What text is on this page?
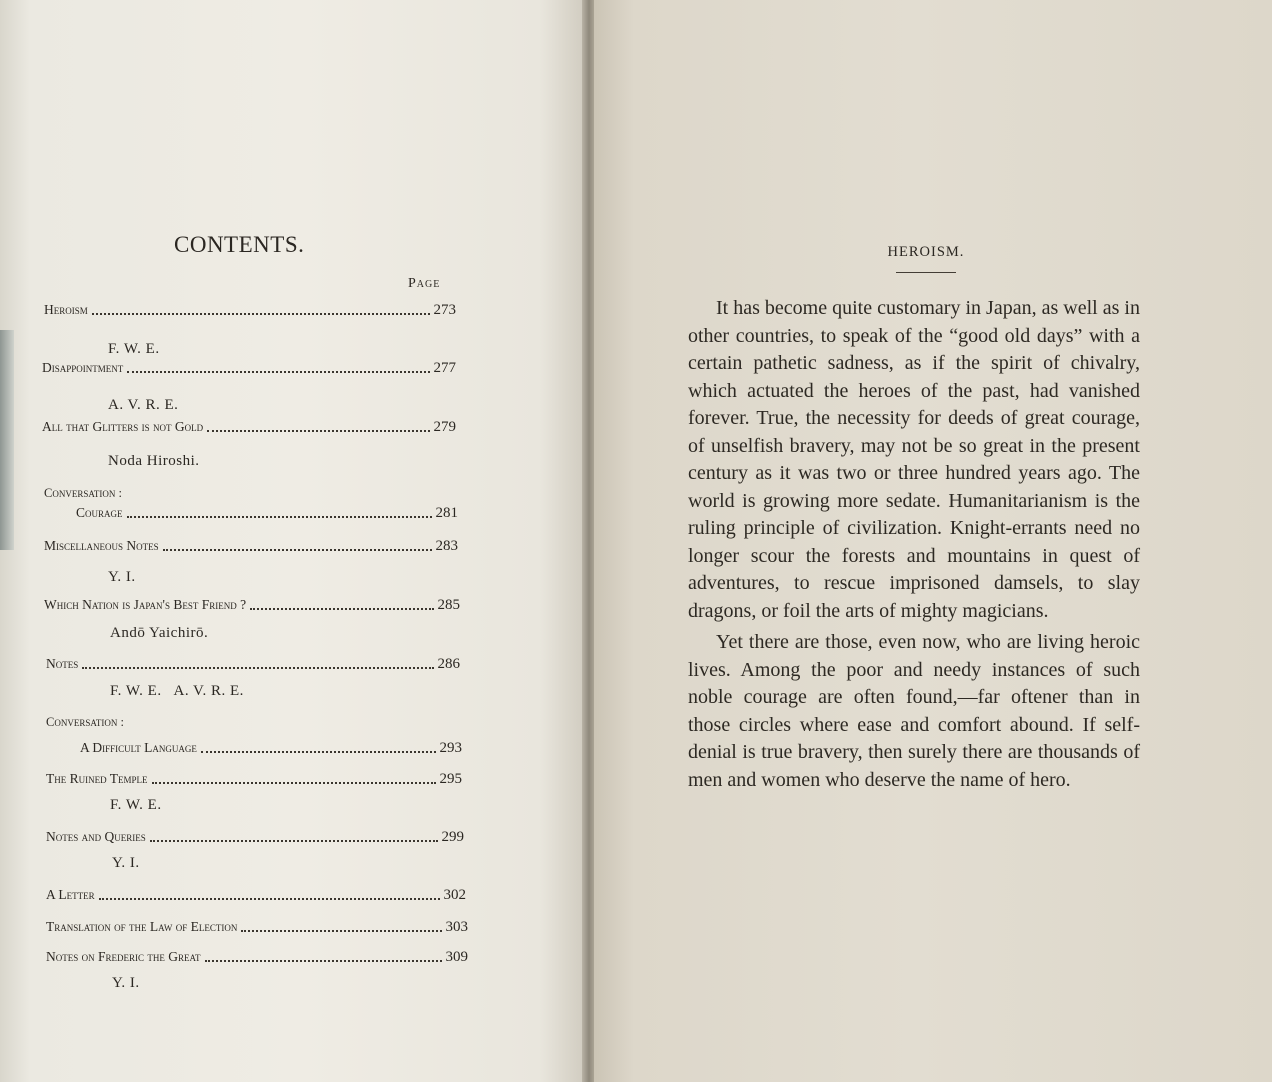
CONTENTS.
Page
Heroism	273
F. W. E.
Disappointment	277
A. V. R. E.
All that Glitters is not Gold	279
Noda Hiroshi.
Conversation :
Courage	281
Miscellaneous Notes	283
Y. I.
Which Nation is Japan's Best Friend ?	285
Andō Yaichirō.
Notes	286
F. W. E.   A. V. R. E.
Conversation :
A Difficult Language	293
The Ruined Temple	295
F. W. E.
Notes and Queries	299
Y. I.
A Letter	302
Translation of the Law of Election	303
Notes on Frederic the Great	309
Y. I.
HEROISM.

It has become quite customary in Japan, as well as in other countries, to speak of the “good old days” with a certain pathetic sadness, as if the spirit of chivalry, which actuated the heroes of the past, had vanished forever. True, the necessity for deeds of great courage, of unselfish bravery, may not be so great in the present century as it was two or three hundred years ago. The world is growing more sedate. Humanitarianism is the ruling principle of civilization. Knight-errants need no longer scour the forests and mountains in quest of adventures, to rescue imprisoned damsels, to slay dragons, or foil the arts of mighty magicians.

Yet there are those, even now, who are living heroic lives. Among the poor and needy instances of such noble courage are often found,—far oftener than in those circles where ease and comfort abound. If self-denial is true bravery, then surely there are thousands of men and women who deserve the name of hero.
